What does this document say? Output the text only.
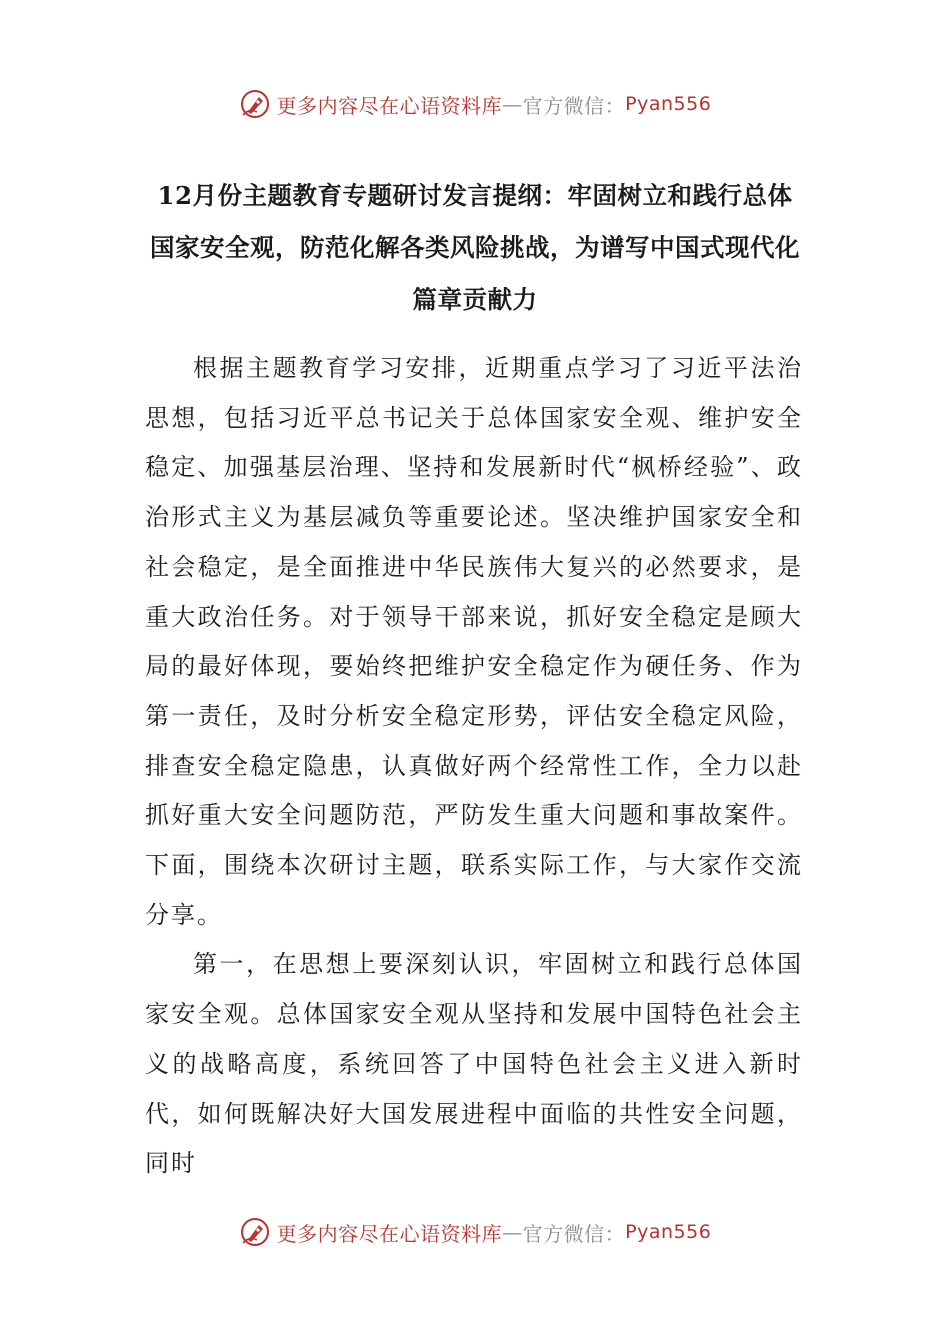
更多内容尽在心语资料库 — 官方微信： Pyan556
12月份主题教育专题研讨发言提纲：牢固树立和践行总体国家安全观，防范化解各类风险挑战，为谱写中国式现代化篇章贡献力

根据主题教育学习安排，近期重点学习了习近平法治思想，包括习近平总书记关于总体国家安全观、维护安全稳定、加强基层治理、坚持和发展新时代“枫桥经验”、政治形式主义为基层减负等重要论述。坚决维护国家安全和社会稳定，是全面推进中华民族伟大复兴的必然要求，是重大政治任务。对于领导干部来说，抓好安全稳定是顾大局的最好体现，要始终把维护安全稳定作为硬任务、作为第一责任，及时分析安全稳定形势，评估安全稳定风险，排查安全稳定隐患，认真做好两个经常性工作，全力以赴抓好重大安全问题防范，严防发生重大问题和事故案件。下面，围绕本次研讨主题，联系实际工作，与大家作交流分享。

第一，在思想上要深刻认识，牢固树立和践行总体国家安全观。总体国家安全观从坚持和发展中国特色社会主义的战略高度，系统回答了中国特色社会主义进入新时代，如何既解决好大国发展进程中面临的共性安全问题，同时

更多内容尽在心语资料库 — 官方微信： Pyan556
